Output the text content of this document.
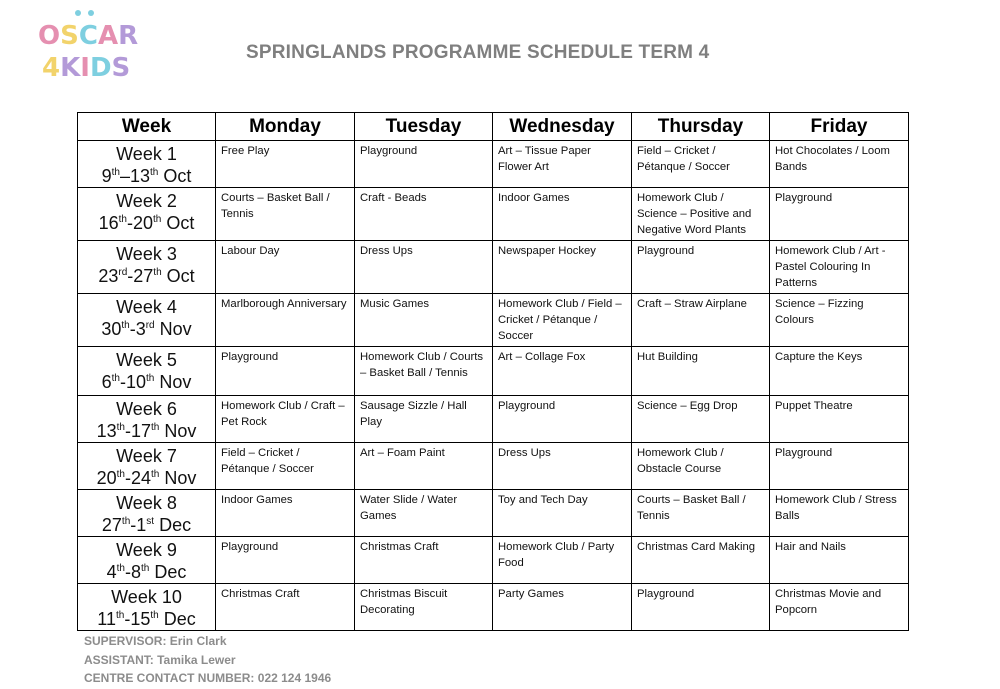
OSCAR
4KIDS
SPRINGLANDS PROGRAMME SCHEDULE TERM 4
Week	Monday	Tuesday	Wednesday	Thursday	Friday

Week 1
9th–13th Oct	Free Play	Playground	Art – Tissue Paper Flower Art	Field – Cricket / Pétanque / Soccer	Hot Chocolates / Loom Bands

Week 2
16th-20th Oct	Courts – Basket Ball / Tennis	Craft - Beads	Indoor Games	Homework Club / Science – Positive and Negative Word Plants	Playground

Week 3
23rd-27th Oct	Labour Day	Dress Ups	Newspaper Hockey	Playground	Homework Club / Art - Pastel Colouring In Patterns

Week 4
30th-3rd Nov	Marlborough Anniversary	Music Games	Homework Club / Field – Cricket / Pétanque / Soccer	Craft – Straw Airplane	Science – Fizzing Colours

Week 5
6th-10th Nov	Playground	Homework Club / Courts – Basket Ball / Tennis	Art – Collage Fox	Hut Building	Capture the Keys

Week 6
13th-17th Nov	Homework Club / Craft – Pet Rock	Sausage Sizzle / Hall Play	Playground	Science – Egg Drop	Puppet Theatre

Week 7
20th-24th Nov	Field – Cricket / Pétanque / Soccer	Art – Foam Paint	Dress Ups	Homework Club / Obstacle Course	Playground

Week 8
27th-1st Dec	Indoor Games	Water Slide / Water Games	Toy and Tech Day	Courts – Basket Ball / Tennis	Homework Club / Stress Balls

Week 9
4th-8th Dec	Playground	Christmas Craft	Homework Club / Party Food	Christmas Card Making	Hair and Nails

Week 10
11th-15th Dec	Christmas Craft	Christmas Biscuit Decorating	Party Games	Playground	Christmas Movie and Popcorn
SUPERVISOR: Erin Clark
ASSISTANT: Tamika Lewer
CENTRE CONTACT NUMBER: 022 124 1946
